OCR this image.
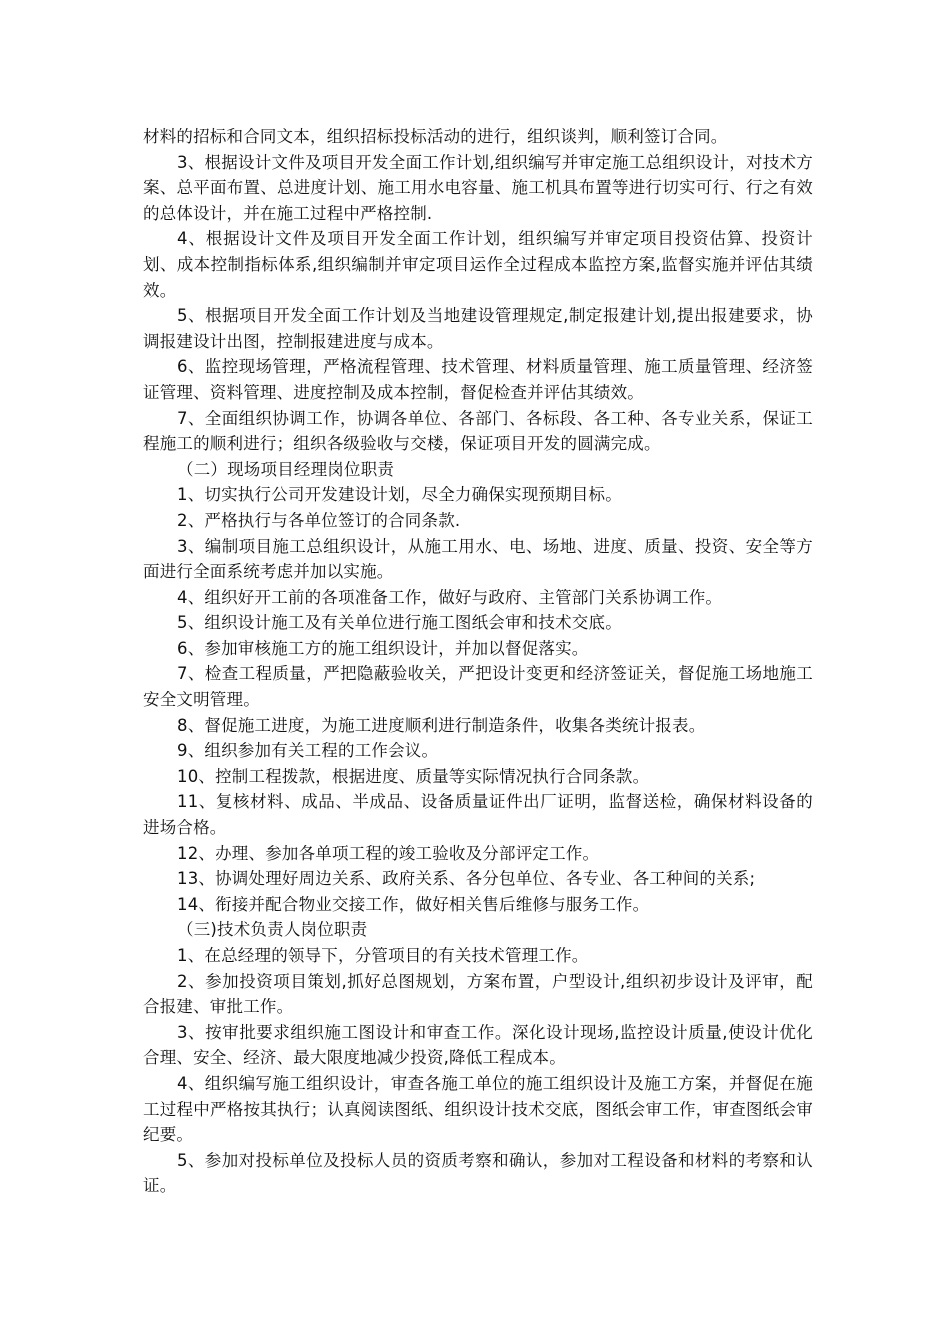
材料的招标和合同文本，组织招标投标活动的进行，组织谈判，顺利签订合同。

3、根据设计文件及项目开发全面工作计划,组织编写并审定施工总组织设计，对技术方案、总平面布置、总进度计划、施工用水电容量、施工机具布置等进行切实可行、行之有效的总体设计，并在施工过程中严格控制.

4、根据设计文件及项目开发全面工作计划，组织编写并审定项目投资估算、投资计划、成本控制指标体系,组织编制并审定项目运作全过程成本监控方案,监督实施并评估其绩效。

5、根据项目开发全面工作计划及当地建设管理规定,制定报建计划,提出报建要求，协调报建设计出图，控制报建进度与成本。

6、监控现场管理，严格流程管理、技术管理、材料质量管理、施工质量管理、经济签证管理、资料管理、进度控制及成本控制，督促检查并评估其绩效。

7、全面组织协调工作，协调各单位、各部门、各标段、各工种、各专业关系，保证工程施工的顺利进行；组织各级验收与交楼，保证项目开发的圆满完成。

（二）现场项目经理岗位职责

1、切实执行公司开发建设计划，尽全力确保实现预期目标。

2、严格执行与各单位签订的合同条款.

3、编制项目施工总组织设计，从施工用水、电、场地、进度、质量、投资、安全等方面进行全面系统考虑并加以实施。

4、组织好开工前的各项准备工作，做好与政府、主管部门关系协调工作。

5、组织设计施工及有关单位进行施工图纸会审和技术交底。

6、参加审核施工方的施工组织设计，并加以督促落实。

7、检查工程质量，严把隐蔽验收关，严把设计变更和经济签证关，督促施工场地施工安全文明管理。

8、督促施工进度，为施工进度顺利进行制造条件，收集各类统计报表。

9、组织参加有关工程的工作会议。

10、控制工程拨款，根据进度、质量等实际情况执行合同条款。

11、复核材料、成品、半成品、设备质量证件出厂证明，监督送检，确保材料设备的进场合格。

12、办理、参加各单项工程的竣工验收及分部评定工作。

13、协调处理好周边关系、政府关系、各分包单位、各专业、各工种间的关系;

14、衔接并配合物业交接工作，做好相关售后维修与服务工作。

（三)技术负责人岗位职责

1、在总经理的领导下，分管项目的有关技术管理工作。

2、参加投资项目策划,抓好总图规划，方案布置，户型设计,组织初步设计及评审，配合报建、审批工作。

3、按审批要求组织施工图设计和审查工作。深化设计现场,监控设计质量,使设计优化合理、安全、经济、最大限度地减少投资,降低工程成本。

4、组织编写施工组织设计，审查各施工单位的施工组织设计及施工方案，并督促在施工过程中严格按其执行；认真阅读图纸、组织设计技术交底，图纸会审工作，审查图纸会审纪要。

5、参加对投标单位及投标人员的资质考察和确认，参加对工程设备和材料的考察和认证。
